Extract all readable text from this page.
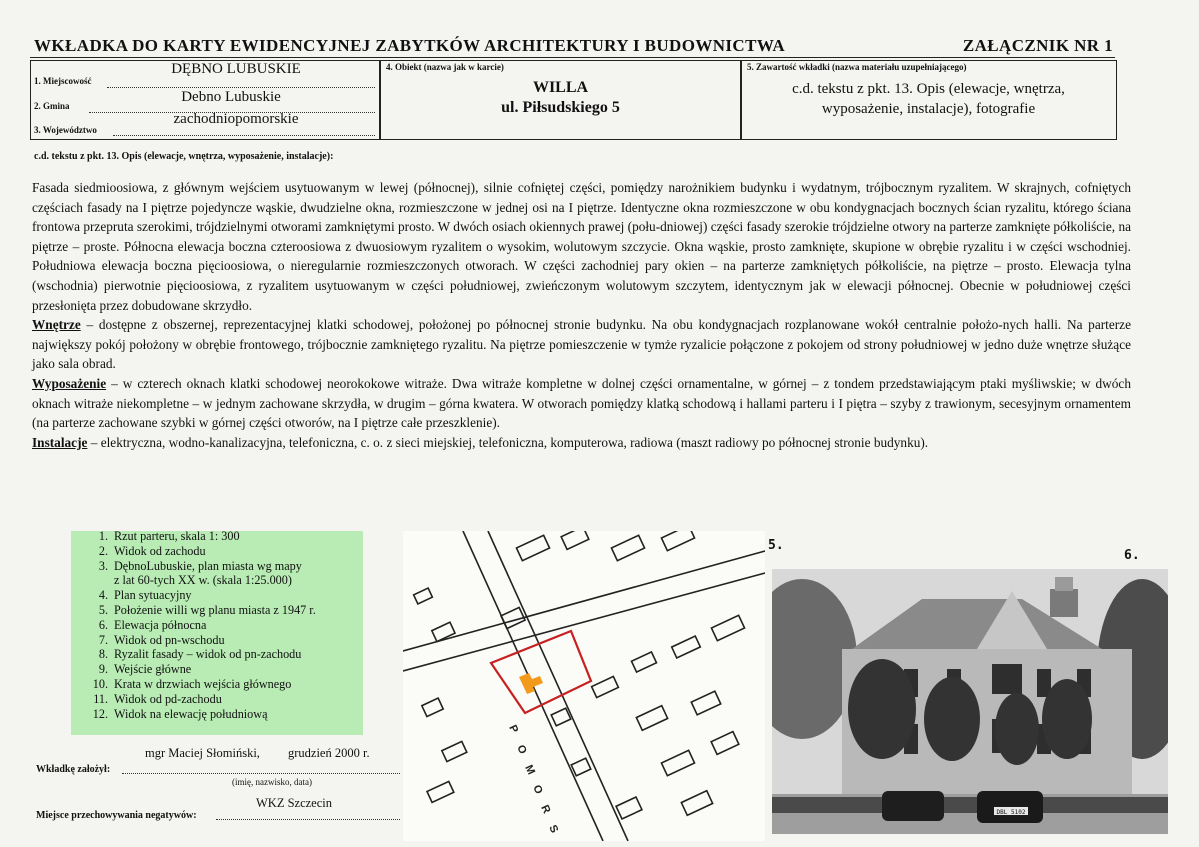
WKŁADKA DO KARTY EWIDENCYJNEJ ZABYTKÓW ARCHITEKTURY I BUDOWNICTWA	ZAŁĄCZNIK NR 1
DĘBNO LUBUSKIE
1. Miejscowość
Debno Lubuskie
2. Gmina
zachodniopomorskie
3. Województwo
4. Obiekt (nazwa jak w karcie)
WILLA
ul. Piłsudskiego 5
5. Zawartość wkładki (nazwa materiału uzupełniającego)
c.d. tekstu z pkt. 13. Opis (elewacje, wnętrza,
wyposażenie, instalacje), fotografie
c.d. tekstu z pkt. 13. Opis (elewacje, wnętrza, wyposażenie, instalacje):
Fasada siedmioosiowa, z głównym wejściem usytuowanym w lewej (północnej), silnie cofniętej części, pomiędzy narożnikiem budynku i wydatnym, trójbocznym ryzalitem. W skrajnych, cofniętych częściach fasady na I piętrze pojedyncze wąskie, dwudzielne okna, rozmieszczone w jednej osi na I piętrze. Identyczne okna rozmieszczone w obu kondygnacjach bocznych ścian ryzalitu, którego ściana frontowa przeprutа szerokimi, trójdzielnymi otworami zamkniętymi prosto. W dwóch osiach okiennych prawej (połu-dniowej) części fasady szerokie trójdzielne otwory na parterze zamknięte półkoliście, na piętrze – proste. Północna elewacja boczna czteroosiowa z dwuosiowym ryzalitem o wysokim, wolutowym szczycie. Okna wąskie, prosto zamknięte, skupione w obrębie ryzalitu i w części wschodniej. Południowa elewacja boczna pięcioosiowa, o nieregularnie rozmieszczonych otworach. W części zachodniej pary okien – na parterze zamkniętych półkoliście, na piętrze – prosto. Elewacja tylna (wschodnia) pierwotnie pięcioosiowa, z ryzalitem usytuowanym w części południowej, zwieńczonym wolutowym szczytem, identycznym jak w elewacji północnej. Obecnie w południowej części przesłonięta przez dobudowane skrzydło.
Wnętrze – dostępne z obszernej, reprezentacyjnej klatki schodowej, położonej po północnej stronie budynku. Na obu kondygnacjach rozplanowane wokół centralnie położo-nych halli. Na parterze największy pokój położony w obrębie frontowego, trójbocznie zamkniętego ryzalitu. Na piętrze pomieszczenie w tymże ryzalicie połączone z pokojem od strony południowej w jedno duże wnętrze służące jako sala obrad.
Wyposażenie – w czterech oknach klatki schodowej neorokokowe witraże. Dwa witraże kompletne w dolnej części ornamentalne, w górnej – z tondem przedstawiającym ptaki myśliwskie; w dwóch oknach witraże niekompletne – w jednym zachowane skrzydła, w drugim – górna kwatera. W otworach pomiędzy klatką schodową i hallami parteru i I piętra – szyby z trawionym, secesyjnym ornamentem (na parterze zachowane szybki w górnej części otworów, na I piętrze całe przeszklenie).
Instalacje – elektryczna, wodno-kanalizacyjna, telefoniczna, c. o. z sieci miejskiej, telefoniczna, komputerowa, radiowa (maszt radiowy po północnej stronie budynku).
1. Rzut parteru, skala 1: 300
2. Widok od zachodu
3. DębnoLubuskie, plan miasta wg mapy
z lat 60-tych XX w. (skala 1:25.000)
4. Plan sytuacyjny
5. Położenie willi wg planu miasta z 1947 r.
6. Elewacja północna
7. Widok od pn-wschodu
8. Ryzalit fasady – widok od pn-zachodu
9. Wejście główne
10. Krata w drzwiach wejścia głównego
11. Widok od pd-zachodu
12. Widok na elewację południową
mgr Maciej Słomiński, grudzień 2000 r.
Wkładkę założył:
(imię, nazwisko, data)
WKZ Szczecin
Miejsce przechowywania negatywów:
P
O
M
O
R
S
5.
6.
DBL 5102
